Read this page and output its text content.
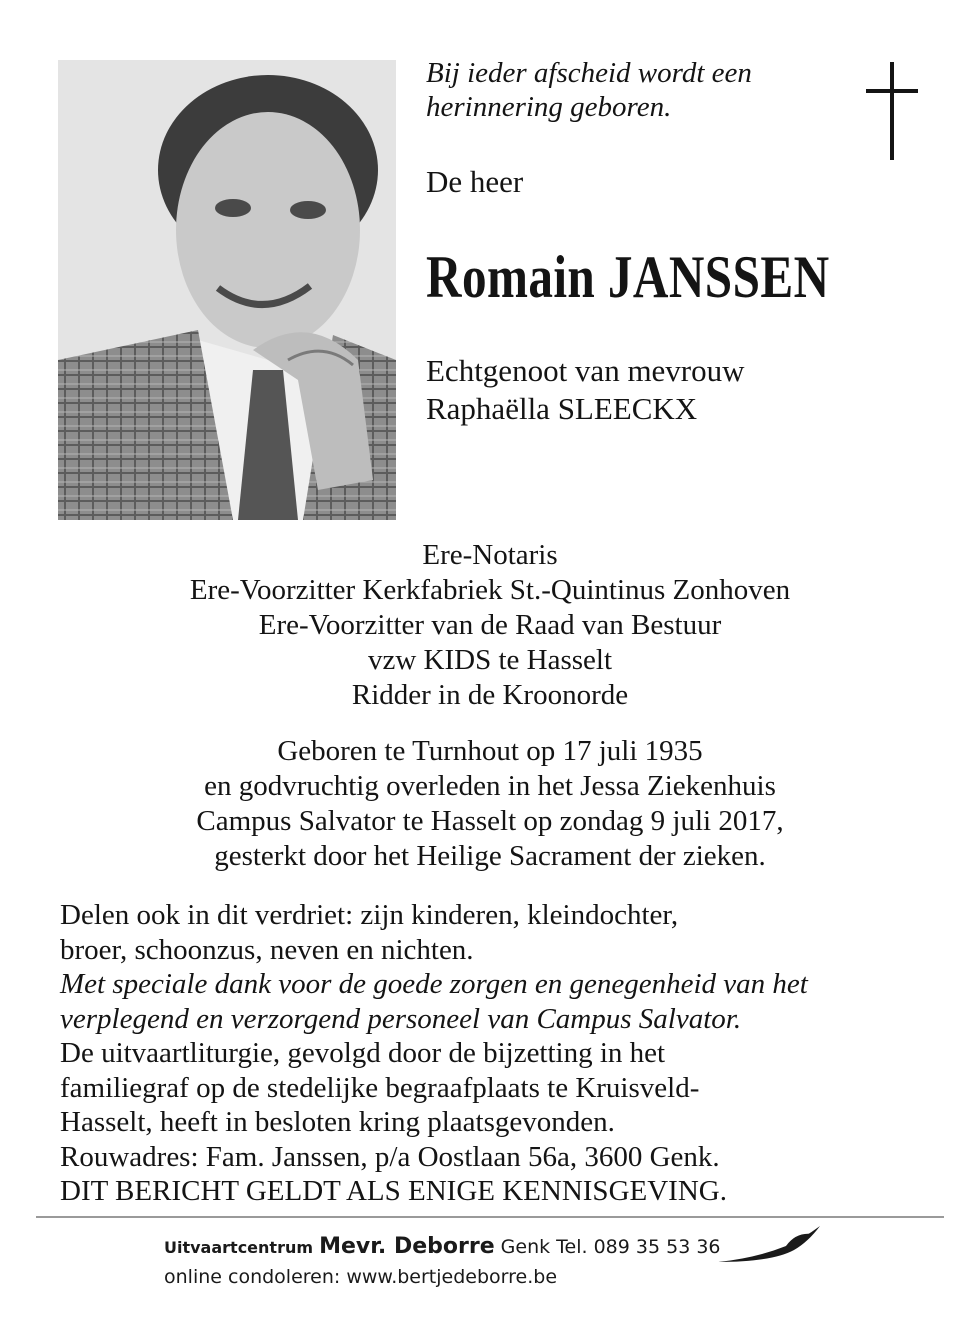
Bij ieder afscheid wordt een
herinnering geboren.
De heer
Romain JANSSEN
Echtgenoot van mevrouw
Raphaëlla SLEECKX
Ere-Notaris
Ere-Voorzitter Kerkfabriek St.-Quintinus Zonhoven
Ere-Voorzitter van de Raad van Bestuur
vzw KIDS te Hasselt
Ridder in de Kroonorde
Geboren te Turnhout op 17 juli 1935
en godvruchtig overleden in het Jessa Ziekenhuis
Campus Salvator te Hasselt op zondag 9 juli 2017,
gesterkt door het Heilige Sacrament der zieken.
Delen ook in dit verdriet: zijn kinderen, kleindochter,
broer, schoonzus, neven en nichten.
Met speciale dank voor de goede zorgen en genegenheid van het
verplegend en verzorgend personeel van Campus Salvator.
De uitvaartliturgie, gevolgd door de bijzetting in het
familiegraf op de stedelijke begraafplaats te Kruisveld-
Hasselt, heeft in besloten kring plaatsgevonden.
Rouwadres: Fam. Janssen, p/a Oostlaan 56a, 3600 Genk.
DIT BERICHT GELDT ALS ENIGE KENNISGEVING.
Uitvaartcentrum Mevr. Deborre Genk Tel. 089 35 53 36
online condoleren: www.bertjedeborre.be
